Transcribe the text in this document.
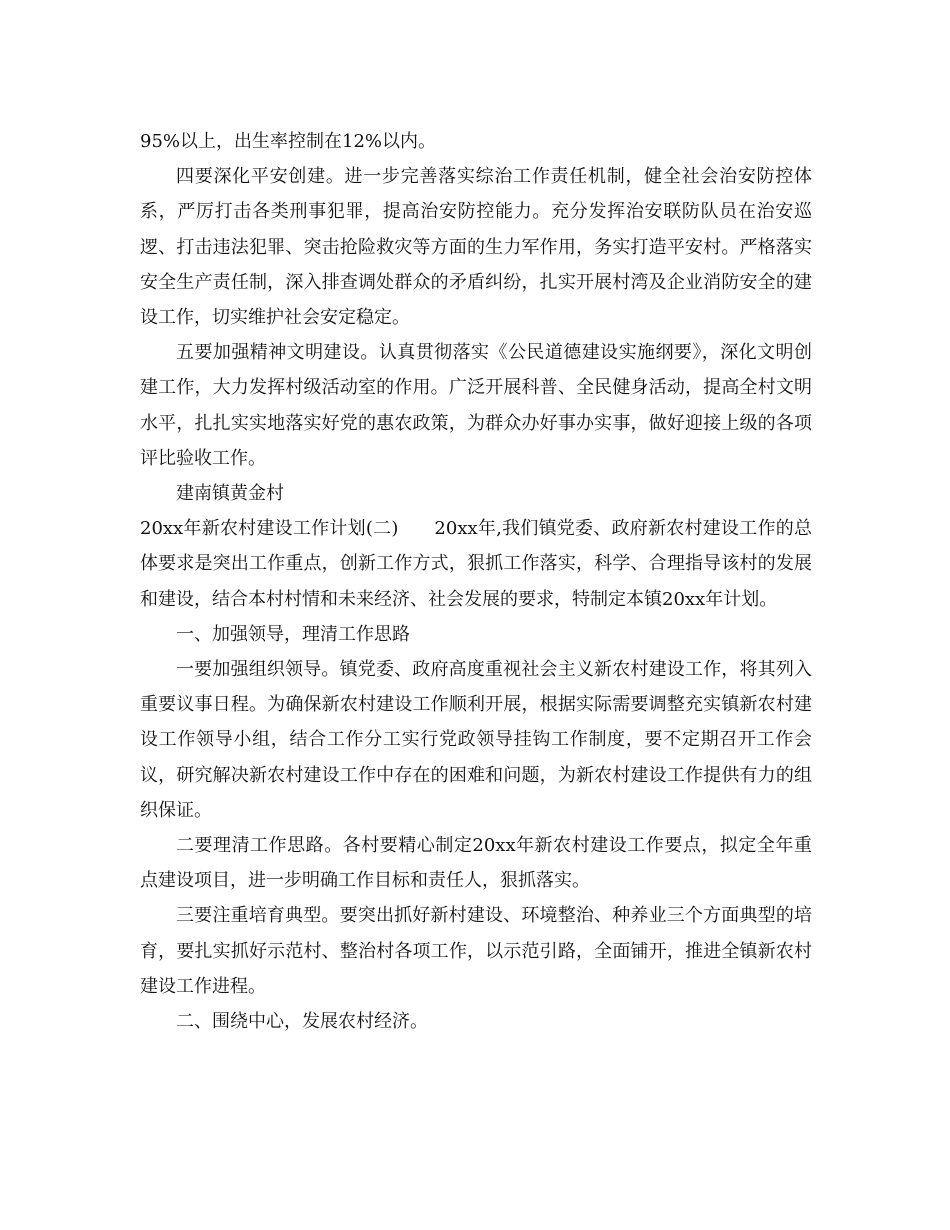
95%以上，出生率控制在12%以内。

四要深化平安创建。进一步完善落实综治工作责任机制，健全社会治安防控体系，严厉打击各类刑事犯罪，提高治安防控能力。充分发挥治安联防队员在治安巡逻、打击违法犯罪、突击抢险救灾等方面的生力军作用，务实打造平安村。严格落实安全生产责任制，深入排查调处群众的矛盾纠纷，扎实开展村湾及企业消防安全的建设工作，切实维护社会安定稳定。

五要加强精神文明建设。认真贯彻落实《公民道德建设实施纲要》，深化文明创建工作，大力发挥村级活动室的作用。广泛开展科普、全民健身活动，提高全村文明水平，扎扎实实地落实好党的惠农政策，为群众办好事办实事，做好迎接上级的各项评比验收工作。

建南镇黄金村

20xx年新农村建设工作计划(二) 20xx年,我们镇党委、政府新农村建设工作的总体要求是突出工作重点，创新工作方式，狠抓工作落实，科学、合理指导该村的发展和建设，结合本村村情和未来经济、社会发展的要求，特制定本镇20xx年计划。

一、加强领导，理清工作思路

一要加强组织领导。镇党委、政府高度重视社会主义新农村建设工作，将其列入重要议事日程。为确保新农村建设工作顺利开展，根据实际需要调整充实镇新农村建设工作领导小组，结合工作分工实行党政领导挂钩工作制度，要不定期召开工作会议，研究解决新农村建设工作中存在的困难和问题，为新农村建设工作提供有力的组织保证。

二要理清工作思路。各村要精心制定20xx年新农村建设工作要点，拟定全年重点建设项目，进一步明确工作目标和责任人，狠抓落实。

三要注重培育典型。要突出抓好新村建设、环境整治、种养业三个方面典型的培育，要扎实抓好示范村、整治村各项工作，以示范引路，全面铺开，推进全镇新农村建设工作进程。

二、围绕中心，发展农村经济。
